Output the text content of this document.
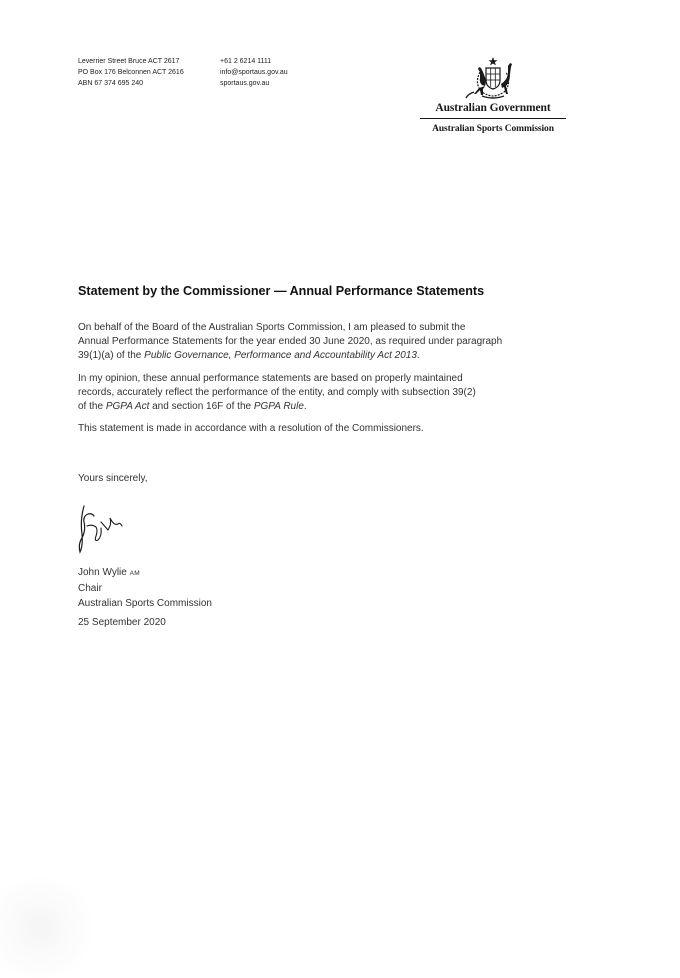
Leverrier Street Bruce ACT 2617
PO Box 176 Belconnen ACT 2616
ABN 67 374 695 240
+61 2 6214 1111
info@sportaus.gov.au
sportaus.gov.au
Australian Government
Australian Sports Commission
Statement by the Commissioner — Annual Performance Statements

On behalf of the Board of the Australian Sports Commission, I am pleased to submit the
Annual Performance Statements for the year ended 30 June 2020, as required under paragraph
39(1)(a) of the Public Governance, Performance and Accountability Act 2013.

In my opinion, these annual performance statements are based on properly maintained
records, accurately reflect the performance of the entity, and comply with subsection 39(2)
of the PGPA Act and section 16F of the PGPA Rule.

This statement is made in accordance with a resolution of the Commissioners.

Yours sincerely,
John Wylie AM
Chair
Australian Sports Commission
25 September 2020
